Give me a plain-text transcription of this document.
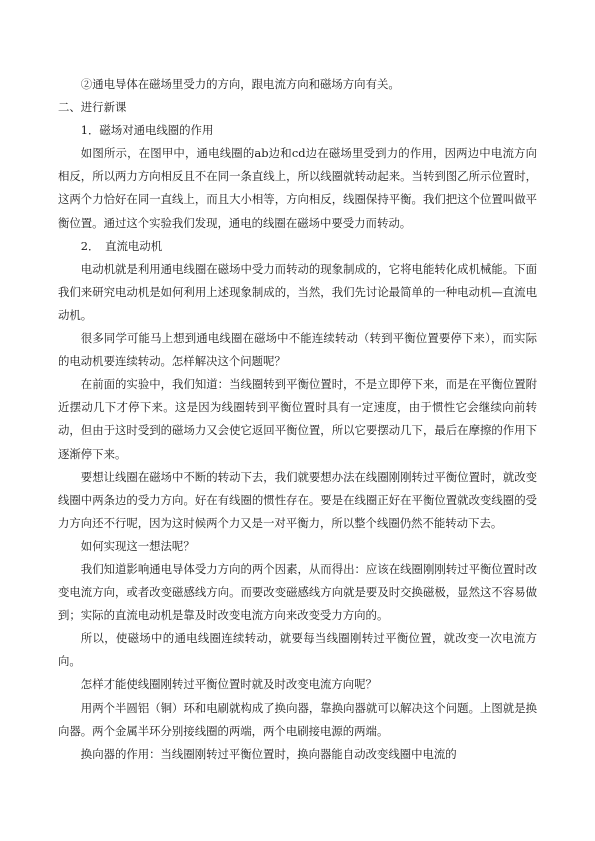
②通电导体在磁场里受力的方向，跟电流方向和磁场方向有关。

二、进行新课

1．磁场对通电线圈的作用

如图所示，在图甲中，通电线圈的ab边和cd边在磁场里受到力的作用，因两边中电流方向相反，所以两力方向相反且不在同一条直线上，所以线圈就转动起来。当转到图乙所示位置时，这两个力恰好在同一直线上，而且大小相等，方向相反，线圈保持平衡。我们把这个位置叫做平衡位置。通过这个实验我们发现，通电的线圈在磁场中要受力而转动。

2．　直流电动机

电动机就是利用通电线圈在磁场中受力而转动的现象制成的，它将电能转化成机械能。下面我们来研究电动机是如何利用上述现象制成的，当然，我们先讨论最简单的一种电动机—直流电动机。

很多同学可能马上想到通电线圈在磁场中不能连续转动（转到平衡位置要停下来），而实际的电动机要连续转动。怎样解决这个问题呢？

在前面的实验中，我们知道：当线圈转到平衡位置时，不是立即停下来，而是在平衡位置附近摆动几下才停下来。这是因为线圈转到平衡位置时具有一定速度，由于惯性它会继续向前转动，但由于这时受到的磁场力又会使它返回平衡位置，所以它要摆动几下，最后在摩擦的作用下逐渐停下来。

要想让线圈在磁场中不断的转动下去，我们就要想办法在线圈刚刚转过平衡位置时，就改变线圈中两条边的受力方向。好在有线圈的惯性存在。要是在线圈正好在平衡位置就改变线圈的受力方向还不行呢，因为这时候两个力又是一对平衡力，所以整个线圈仍然不能转动下去。

如何实现这一想法呢？

我们知道影响通电导体受力方向的两个因素，从而得出：应该在线圈刚刚转过平衡位置时改变电流方向，或者改变磁感线方向。而要改变磁感线方向就是要及时交换磁极，显然这不容易做到；实际的直流电动机是靠及时改变电流方向来改变受力方向的。

所以，使磁场中的通电线圈连续转动，就要每当线圈刚转过平衡位置，就改变一次电流方向。

怎样才能使线圈刚转过平衡位置时就及时改变电流方向呢？

用两个半圆铝（铜）环和电刷就构成了换向器，靠换向器就可以解决这个问题。上图就是换向器。两个金属半环分别接线圈的两端，两个电刷接电源的两端。

换向器的作用：当线圈刚转过平衡位置时，换向器能自动改变线圈中电流的
